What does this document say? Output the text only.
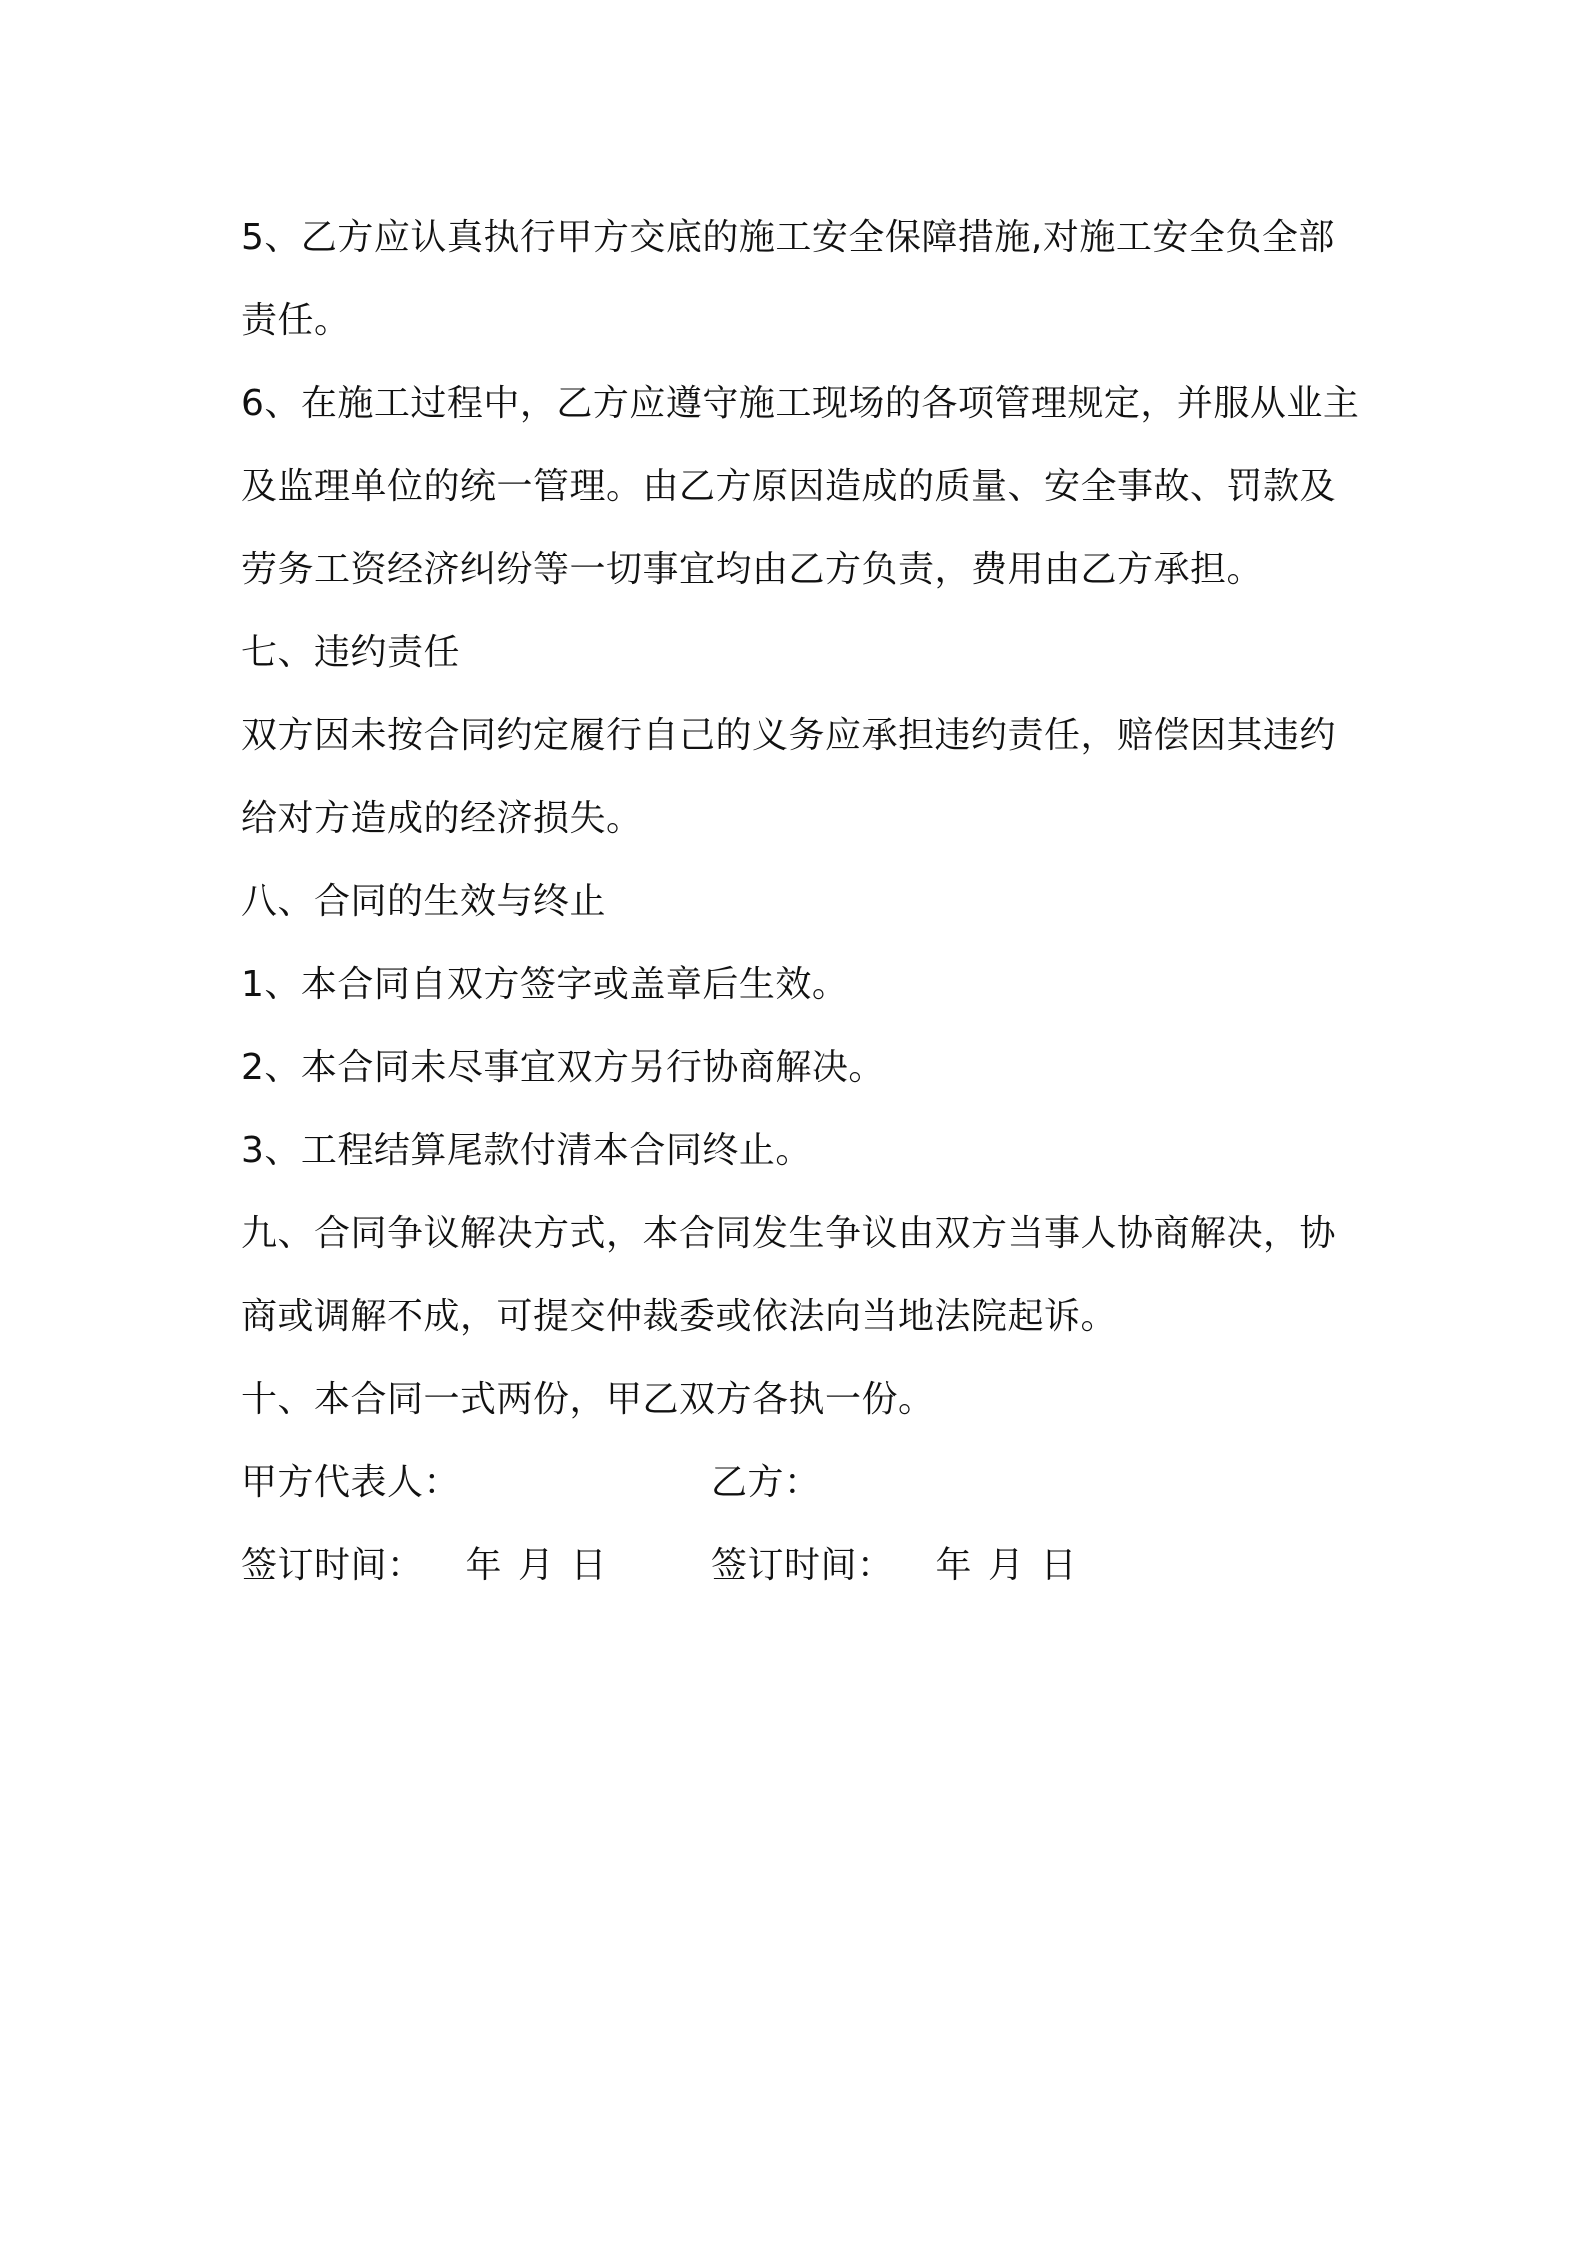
5、乙方应认真执行甲方交底的施工安全保障措施,对施工安全负全部责任。

6、在施工过程中，乙方应遵守施工现场的各项管理规定，并服从业主及监理单位的统一管理。由乙方原因造成的质量、安全事故、罚款及劳务工资经济纠纷等一切事宜均由乙方负责，费用由乙方承担。

七、违约责任

双方因未按合同约定履行自己的义务应承担违约责任，赔偿因其违约给对方造成的经济损失。

八、合同的生效与终止

1、本合同自双方签字或盖章后生效。

2、本合同未尽事宜双方另行协商解决。

3、工程结算尾款付清本合同终止。

九、合同争议解决方式，本合同发生争议由双方当事人协商解决，协商或调解不成，可提交仲裁委或依法向当地法院起诉。

十、本合同一式两份，甲乙双方各执一份。

甲方代表人：	乙方：
签订时间： 年 月 日	签订时间： 年 月 日
